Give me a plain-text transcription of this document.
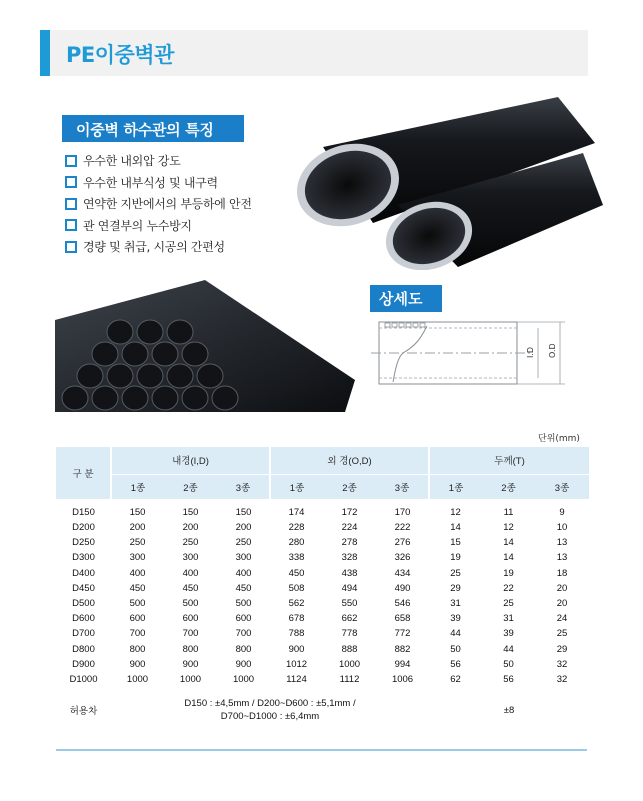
PE이중벽관
이중벽 하수관의 특징
우수한 내외압 강도
우수한 내부식성 및 내구력
연약한 지반에서의 부등하에 안전
관 연결부의 누수방지
경량 및 취급, 시공의 간편성
상세도
I.D O.D
단위(mm)
구 분	내경(I,D)			외 경(O,D)			두께(T)		
	1종	2종	3종	1종	2종	3종	1종	2종	3종
D150	150	150	150	174	172	170	12	11	9
D200	200	200	200	228	224	222	14	12	10
D250	250	250	250	280	278	276	15	14	13
D300	300	300	300	338	328	326	19	14	13
D400	400	400	400	450	438	434	25	19	18
D450	450	450	450	508	494	490	29	22	20
D500	500	500	500	562	550	546	31	25	20
D600	600	600	600	678	662	658	39	31	24
D700	700	700	700	788	778	772	44	39	25
D800	800	800	800	900	888	882	50	44	29
D900	900	900	900	1012	1000	994	56	50	32
D1000	1000	1000	1000	1124	1112	1006	62	56	32
허용차	D150 : ±4,5mm / D200~D600 : ±5,1mm /
D700~D1000 : ±6,4mm						±8		
